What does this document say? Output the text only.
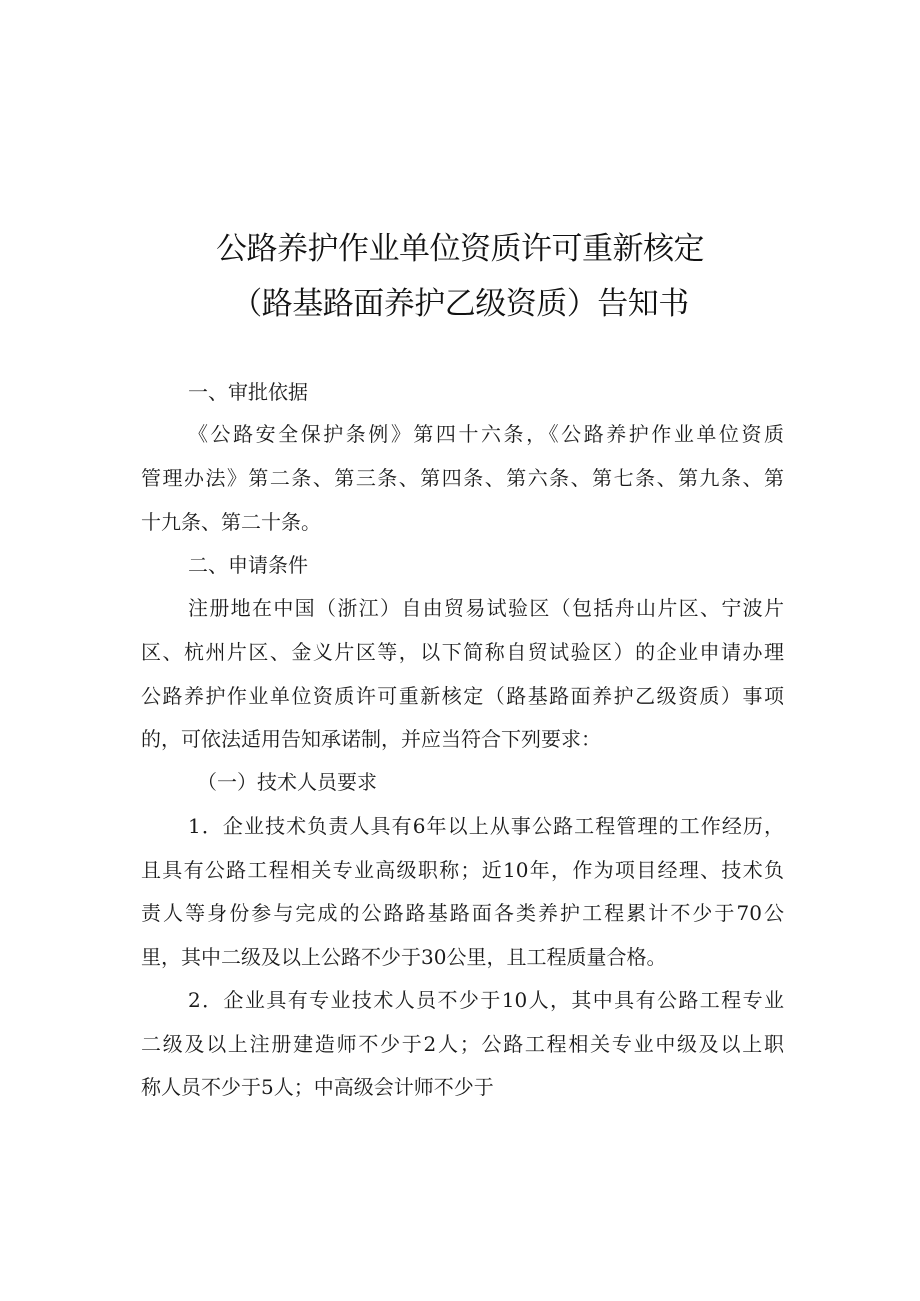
公路养护作业单位资质许可重新核定
（路基路面养护乙级资质）告知书
一、审批依据
《公路安全保护条例》第四十六条，《公路养护作业单位资质
管理办法》第二条、第三条、第四条、第六条、第七条、第九条、第
十九条、第二十条。
二、申请条件
注册地在中国（浙江）自由贸易试验区（包括舟山片区、宁波片
区、杭州片区、金义片区等，以下简称自贸试验区）的企业申请办理
公路养护作业单位资质许可重新核定（路基路面养护乙级资质）事项
的，可依法适用告知承诺制，并应当符合下列要求：
（一）技术人员要求
1．企业技术负责人具有6年以上从事公路工程管理的工作经历，
且具有公路工程相关专业高级职称；近10年，作为项目经理、技术负
责人等身份参与完成的公路路基路面各类养护工程累计不少于70公
里，其中二级及以上公路不少于30公里，且工程质量合格。
2．企业具有专业技术人员不少于10人，其中具有公路工程专业
二级及以上注册建造师不少于2人；公路工程相关专业中级及以上职
称人员不少于5人；中高级会计师不少于
